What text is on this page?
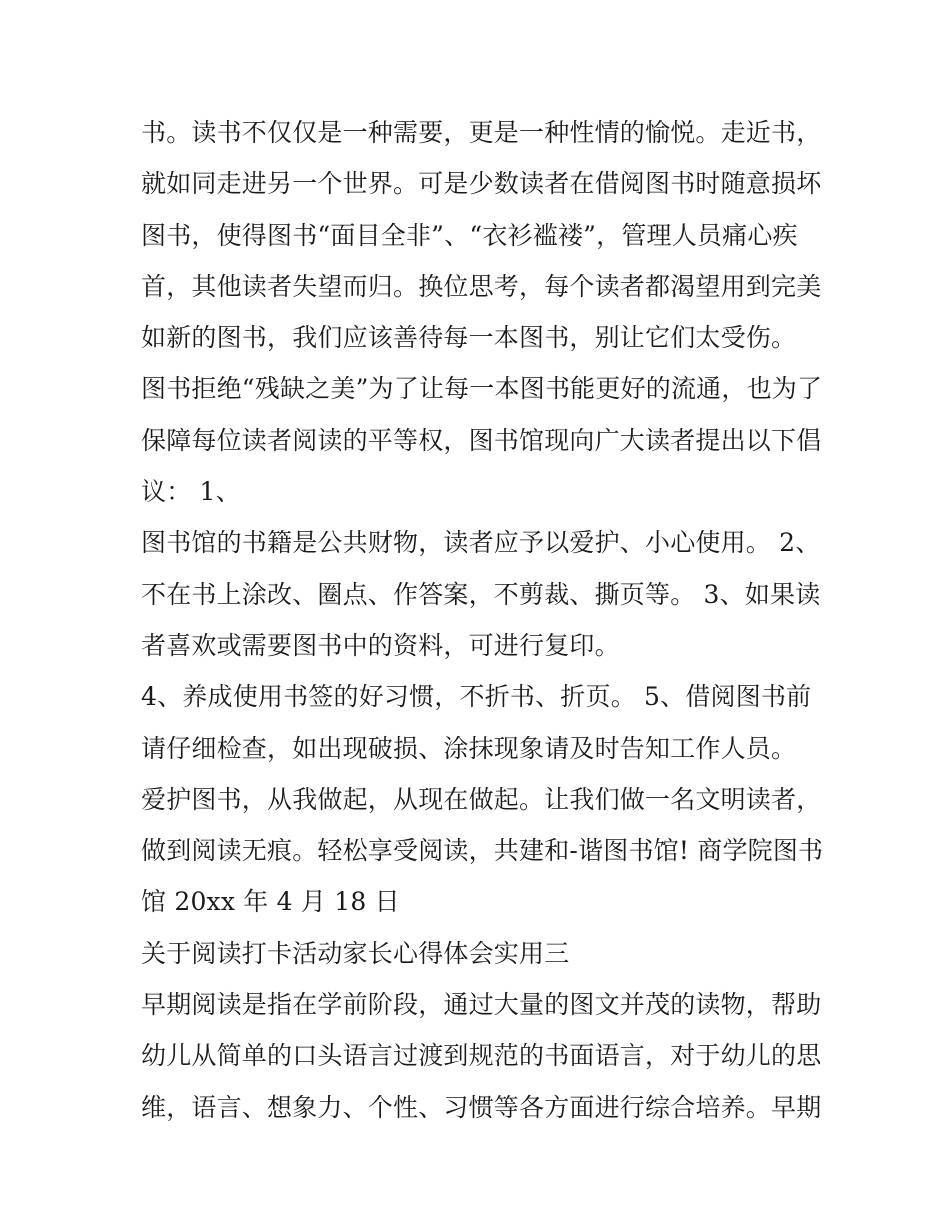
书。读书不仅仅是一种需要，更是一种性情的愉悦。走近书，
就如同走进另一个世界。可是少数读者在借阅图书时随意损坏
图书，使得图书“面目全非”、“衣衫褴褛”，管理人员痛心疾
首，其他读者失望而归。换位思考，每个读者都渴望用到完美
如新的图书，我们应该善待每一本图书，别让它们太受伤。
图书拒绝“残缺之美”为了让每一本图书能更好的流通，也为了
保障每位读者阅读的平等权，图书馆现向广大读者提出以下倡
议： 1、
图书馆的书籍是公共财物，读者应予以爱护、小心使用。 2、
不在书上涂改、圈点、作答案，不剪裁、撕页等。 3、如果读
者喜欢或需要图书中的资料，可进行复印。
4、养成使用书签的好习惯，不折书、折页。 5、借阅图书前
请仔细检查，如出现破损、涂抹现象请及时告知工作人员。
爱护图书，从我做起，从现在做起。让我们做一名文明读者，
做到阅读无痕。轻松享受阅读，共建和-谐图书馆! 商学院图书
馆 20xx 年 4 月 18 日
关于阅读打卡活动家长心得体会实用三
早期阅读是指在学前阶段，通过大量的图文并茂的读物，帮助
幼儿从简单的口头语言过渡到规范的书面语言，对于幼儿的思
维，语言、想象力、个性、习惯等各方面进行综合培养。早期
